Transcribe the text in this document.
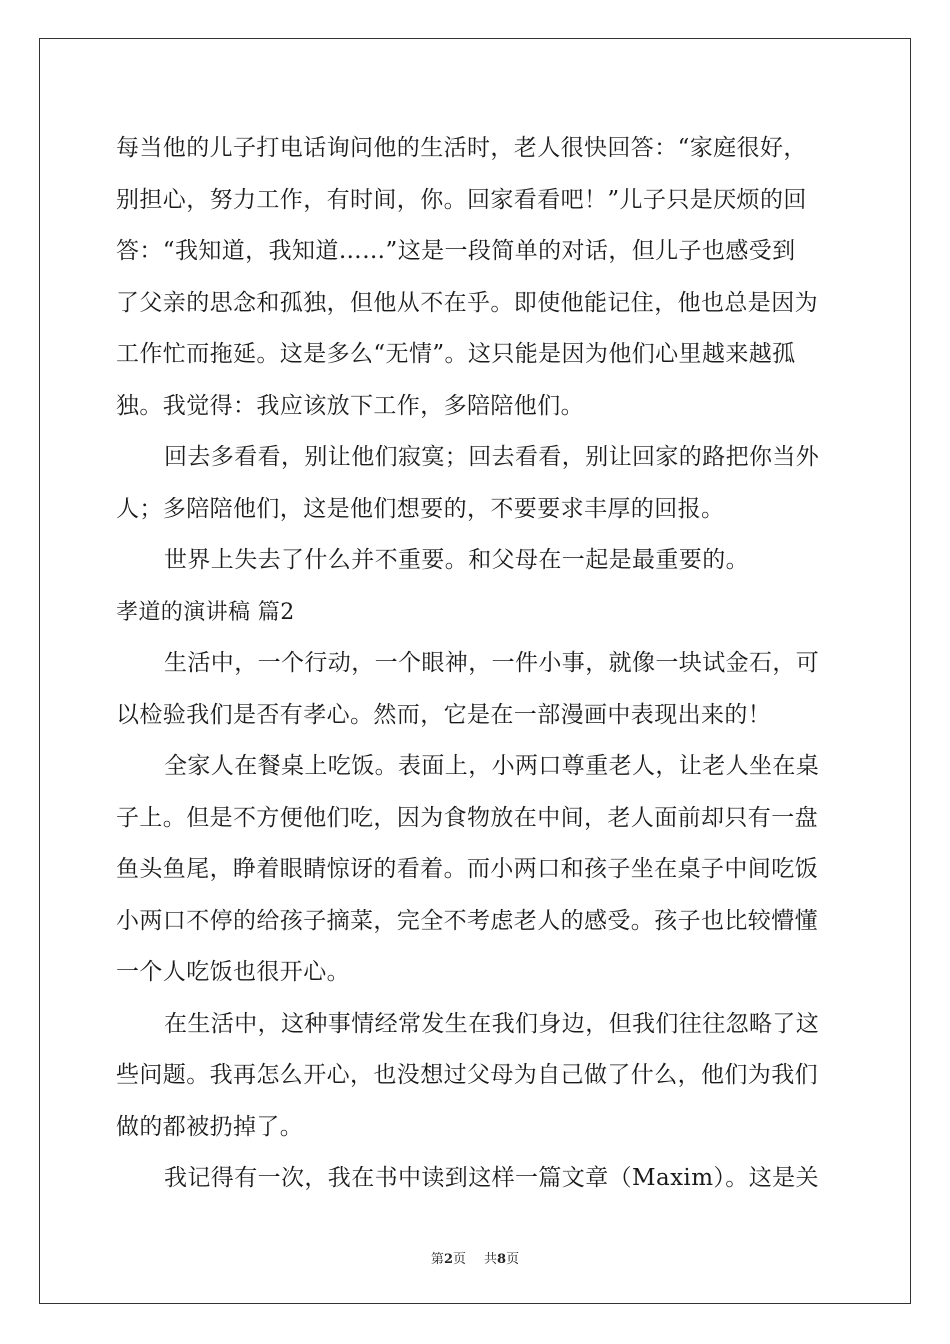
每当他的儿子打电话询问他的生活时，老人很快回答：“家庭很好，
别担心，努力工作，有时间，你。回家看看吧！”儿子只是厌烦的回
答：“我知道，我知道……”这是一段简单的对话，但儿子也感受到
了父亲的思念和孤独，但他从不在乎。即使他能记住，他也总是因为
工作忙而拖延。这是多么“无情”。这只能是因为他们心里越来越孤
独。我觉得：我应该放下工作，多陪陪他们。
回去多看看，别让他们寂寞；回去看看，别让回家的路把你当外
人；多陪陪他们，这是他们想要的，不要要求丰厚的回报。
世界上失去了什么并不重要。和父母在一起是最重要的。
孝道的演讲稿 篇2
生活中，一个行动，一个眼神，一件小事，就像一块试金石，可
以检验我们是否有孝心。然而，它是在一部漫画中表现出来的！
全家人在餐桌上吃饭。表面上，小两口尊重老人，让老人坐在桌
子上。但是不方便他们吃，因为食物放在中间，老人面前却只有一盘
鱼头鱼尾，睁着眼睛惊讶的看着。而小两口和孩子坐在桌子中间吃饭
小两口不停的给孩子摘菜，完全不考虑老人的感受。孩子也比较懵懂
一个人吃饭也很开心。
在生活中，这种事情经常发生在我们身边，但我们往往忽略了这
些问题。我再怎么开心，也没想过父母为自己做了什么，他们为我们
做的都被扔掉了。
我记得有一次，我在书中读到这样一篇文章（Maxim）。这是关
第2页 共8页
